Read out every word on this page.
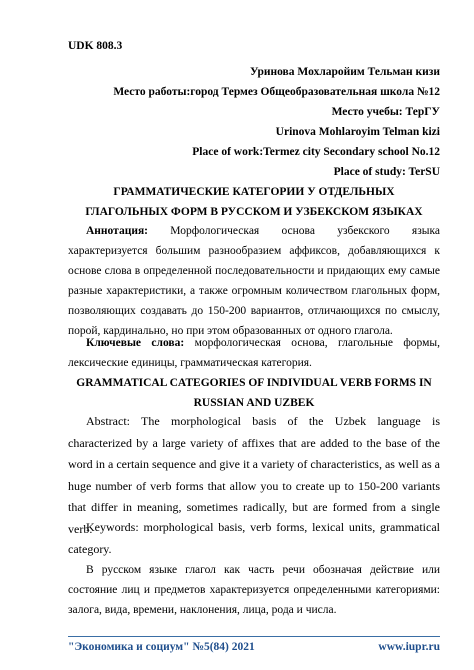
UDK 808.3
Уринова Мохларойим Тельман кизи
Место работы:город Термез Общеобразовательная школа №12
Место учебы: ТерГУ
Urinova Mohlaroyim Telman kizi
Place of work:Termez city Secondary school No.12
Place of study: TerSU
ГРАММАТИЧЕСКИЕ КАТЕГОРИИ У ОТДЕЛЬНЫХ
ГЛАГОЛЬНЫХ ФОРМ В РУССКОМ И УЗБЕКСКОМ ЯЗЫКАХ

Аннотация: Морфологическая основа узбекского языка характеризуется большим разнообразием аффиксов, добавляющихся к основе слова в определенной последовательности и придающих ему самые разные характеристики, а также огромным количеством глагольных форм, позволяющих создавать до 150-200 вариантов, отличающихся по смыслу, порой, кардинально, но при этом образованных от одного глагола.

Ключевые слова: морфологическая основа, глагольные формы, лексические единицы, грамматическая категория.

GRAMMATICAL CATEGORIES OF INDIVIDUAL VERB FORMS IN
RUSSIAN AND UZBEK

Abstract: The morphological basis of the Uzbek language is characterized by a large variety of affixes that are added to the base of the word in a certain sequence and give it a variety of characteristics, as well as a huge number of verb forms that allow you to create up to 150-200 variants that differ in meaning, sometimes radically, but are formed from a single verb.

Keywords: morphological basis, verb forms, lexical units, grammatical category.

В русском языке глагол как часть речи обозначая действие или состояние лиц и предметов характеризуется определенными категориями: залога, вида, времени, наклонения, лица, рода и числа.

"Экономика и социум" №5(84) 2021	www.iupr.ru
